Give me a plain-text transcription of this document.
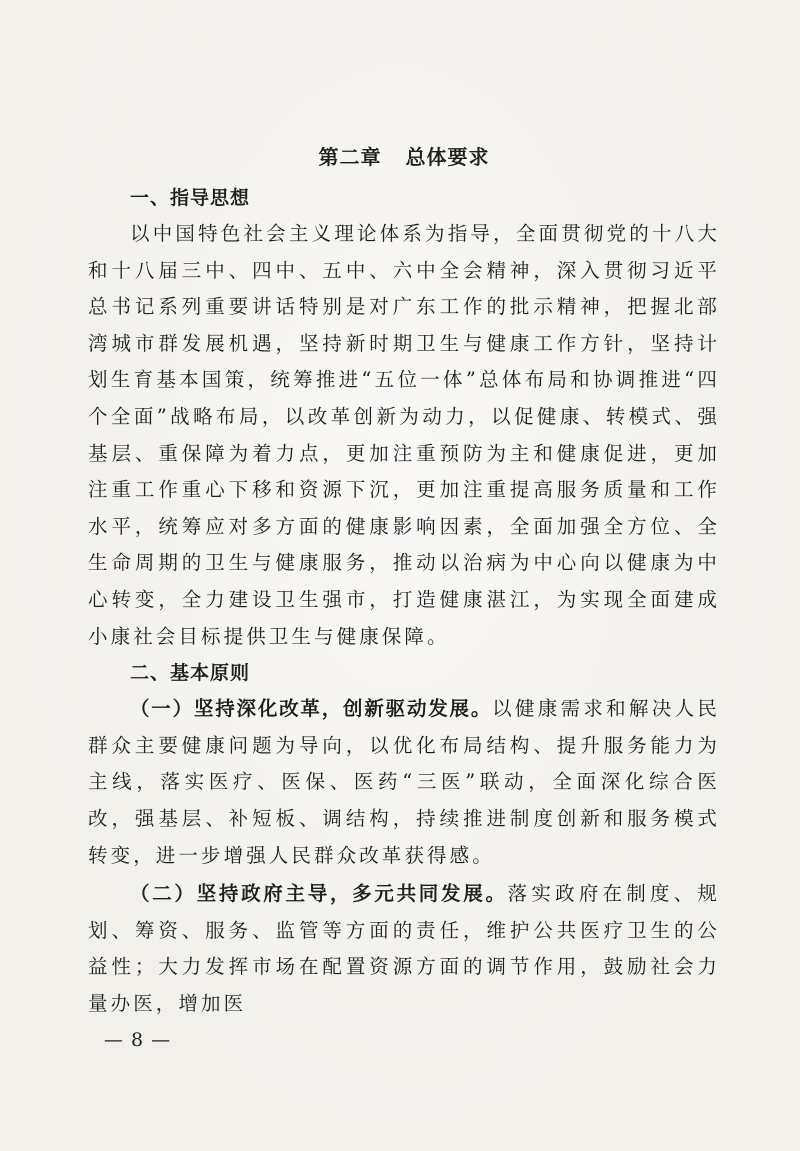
第二章 总体要求
一、指导思想

以中国特色社会主义理论体系为指导，全面贯彻党的十八大和十八届三中、四中、五中、六中全会精神，深入贯彻习近平总书记系列重要讲话特别是对广东工作的批示精神，把握北部湾城市群发展机遇，坚持新时期卫生与健康工作方针，坚持计划生育基本国策，统筹推进“五位一体”总体布局和协调推进“四个全面”战略布局，以改革创新为动力，以促健康、转模式、强基层、重保障为着力点，更加注重预防为主和健康促进，更加注重工作重心下移和资源下沉，更加注重提高服务质量和工作水平，统筹应对多方面的健康影响因素，全面加强全方位、全生命周期的卫生与健康服务，推动以治病为中心向以健康为中心转变，全力建设卫生强市，打造健康湛江，为实现全面建成小康社会目标提供卫生与健康保障。

二、基本原则

（一）坚持深化改革，创新驱动发展。以健康需求和解决人民群众主要健康问题为导向，以优化布局结构、提升服务能力为主线，落实医疗、医保、医药“三医”联动，全面深化综合医改，强基层、补短板、调结构，持续推进制度创新和服务模式转变，进一步增强人民群众改革获得感。

（二）坚持政府主导，多元共同发展。落实政府在制度、规划、筹资、服务、监管等方面的责任，维护公共医疗卫生的公益性；大力发挥市场在配置资源方面的调节作用，鼓励社会力量办医，增加医

— 8 —
